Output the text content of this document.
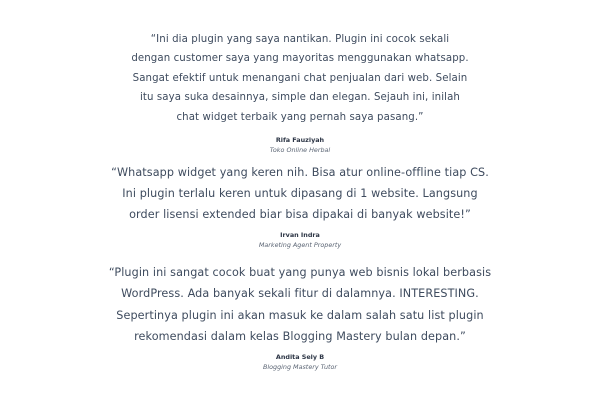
“Ini dia plugin yang saya nantikan. Plugin ini cocok sekali dengan customer saya yang mayoritas menggunakan whatsapp. Sangat efektif untuk menangani chat penjualan dari web. Selain itu saya suka desainnya, simple dan elegan. Sejauh ini, inilah chat widget terbaik yang pernah saya pasang.”

Rifa Fauziyah
Toko Online Herbal

“Whatsapp widget yang keren nih. Bisa atur online-offline tiap CS. Ini plugin terlalu keren untuk dipasang di 1 website. Langsung order lisensi extended biar bisa dipakai di banyak website!”

Irvan Indra
Marketing Agent Property

“Plugin ini sangat cocok buat yang punya web bisnis lokal berbasis WordPress. Ada banyak sekali fitur di dalamnya. INTERESTING. Sepertinya plugin ini akan masuk ke dalam salah satu list plugin rekomendasi dalam kelas Blogging Mastery bulan depan.”

Andita Sely B
Blogging Mastery Tutor
